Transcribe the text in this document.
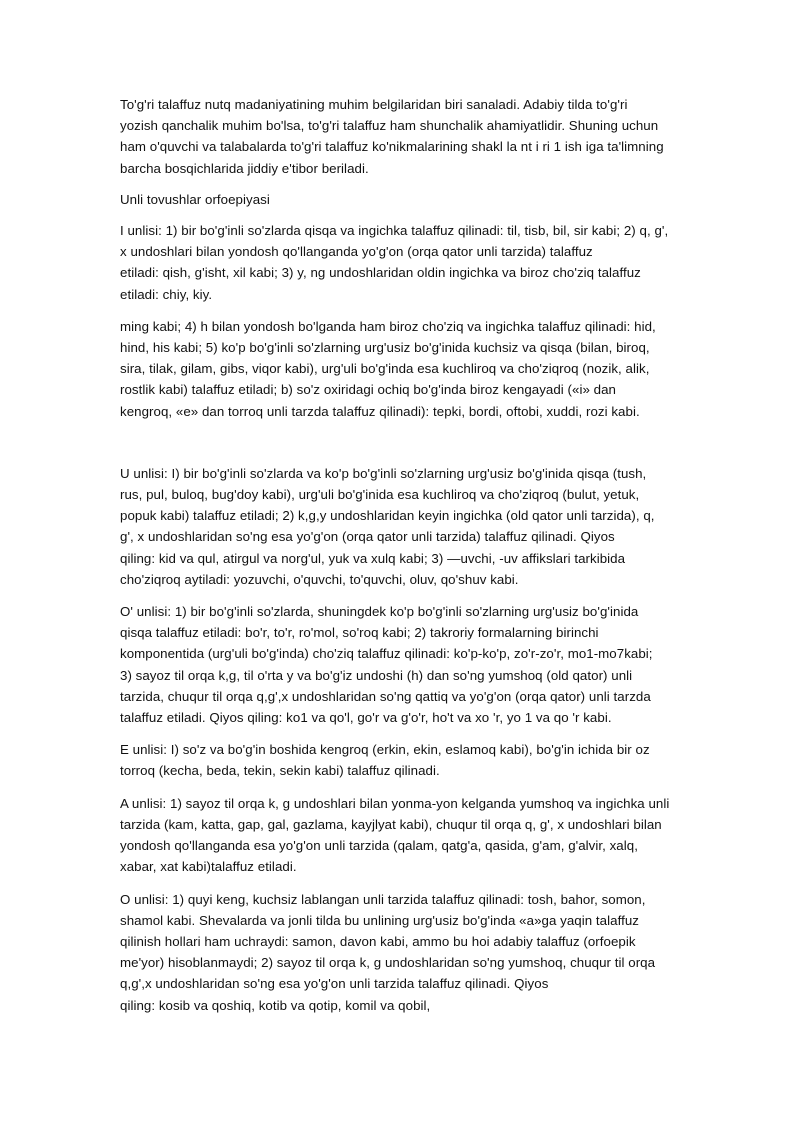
To'g'ri talaffuz nutq madaniyatining muhim belgilaridan biri sanaladi. Adabiy tilda to'g'ri
yozish qanchalik muhim bo'lsa, to'g'ri talaffuz ham shunchalik ahamiyatlidir. Shuning uchun
ham o'quvchi va talabalarda to'g'ri talaffuz ko'nikmalarining shakl la nt i ri 1 ish iga ta'limning
barcha bosqichlarida jiddiy e'tibor beriladi.

Unli tovushlar orfoepiyasi

I unlisi: 1) bir bo'g'inli so'zlarda qisqa va ingichka talaffuz qilinadi: til, tisb, bil, sir kabi; 2) q, g',
x undoshlari bilan yondosh qo'llanganda yo'g'on (orqa qator unli tarzida) talaffuz
etiladi: qish, g'isht, xil kabi; 3) y, ng undoshlaridan oldin ingichka va biroz cho'ziq talaffuz
etiladi: chiy, kiy.

ming kabi; 4) h bilan yondosh bo'lganda ham biroz cho'ziq va ingichka talaffuz qilinadi: hid,
hind, his kabi; 5) ko'p bo'g'inli so'zlarning urg'usiz bo'g'inida kuchsiz va qisqa (bilan, biroq,
sira, tilak, gilam, gibs, viqor kabi), urg'uli bo'g'inda esa kuchliroq va cho'ziqroq (nozik, alik,
rostlik kabi) talaffuz etiladi; b) so'z oxiridagi ochiq bo'g'inda biroz kengayadi («i» dan
kengroq, «e» dan torroq unli tarzda talaffuz qilinadi): tepki, bordi, oftobi, xuddi, rozi kabi.

U unlisi: I) bir bo'g'inli so'zlarda va ko'p bo'g'inli so'zlarning urg'usiz bo'g'inida qisqa (tush,
rus, pul, buloq, bug'doy kabi), urg'uli bo'g'inida esa kuchliroq va cho'ziqroq (bulut, yetuk,
popuk kabi) talaffuz etiladi; 2) k,g,y undoshlaridan keyin ingichka (old qator unli tarzida), q,
g', x undoshlaridan so'ng esa yo'g'on (orqa qator unli tarzida) talaffuz qilinadi. Qiyos
qiling: kid va qul, atirgul va norg'ul, yuk va xulq kabi; 3) —uvchi, -uv affikslari tarkibida
cho'ziqroq aytiladi: yozuvchi, o'quvchi, to'quvchi, oluv, qo'shuv kabi.

O' unlisi: 1) bir bo'g'inli so'zlarda, shuningdek ko'p bo'g'inli so'zlarning urg'usiz bo'g'inida
qisqa talaffuz etiladi: bo'r, to'r, ro'mol, so'roq kabi; 2) takroriy formalarning birinchi
komponentida (urg'uli bo'g'inda) cho'ziq talaffuz qilinadi: ko'p-ko'p, zo'r-zo'r, mo1-mo7kabi;
3) sayoz til orqa k,g, til o'rta y va bo'g'iz undoshi (h) dan so'ng yumshoq (old qator) unli
tarzida, chuqur til orqa q,g',x undoshlaridan so'ng qattiq va yo'g'on (orqa qator) unli tarzda
talaffuz etiladi. Qiyos qiling: ko1 va qo'l, go'r va g'o'r, ho't va xo 'r, yo 1 va qo 'r kabi.

E unlisi: I) so'z va bo'g'in boshida kengroq (erkin, ekin, eslamoq kabi), bo'g'in ichida bir oz
torroq (kecha, beda, tekin, sekin kabi) talaffuz qilinadi.

A unlisi: 1) sayoz til orqa k, g undoshlari bilan yonma-yon kelganda yumshoq va ingichka unli
tarzida (kam, katta, gap, gal, gazlama, kayjlyat kabi), chuqur til orqa q, g', x undoshlari bilan
yondosh qo'llanganda esa yo'g'on unli tarzida (qalam, qatg'a, qasida, g'am, g'alvir, xalq,
xabar, xat kabi)talaffuz etiladi.

O unlisi: 1) quyi keng, kuchsiz lablangan unli tarzida talaffuz qilinadi: tosh, bahor, somon,
shamol kabi. Shevalarda va jonli tilda bu unlining urg'usiz bo'g'inda «a»ga yaqin talaffuz
qilinish hollari ham uchraydi: samon, davon kabi, ammo bu hoi adabiy talaffuz (orfoepik
me'yor) hisoblanmaydi; 2) sayoz til orqa k, g undoshlaridan so'ng yumshoq, chuqur til orqa
q,g',x undoshlaridan so'ng esa yo'g'on unli tarzida talaffuz qilinadi. Qiyos
qiling: kosib va qoshiq, kotib va qotip, komil va qobil,
